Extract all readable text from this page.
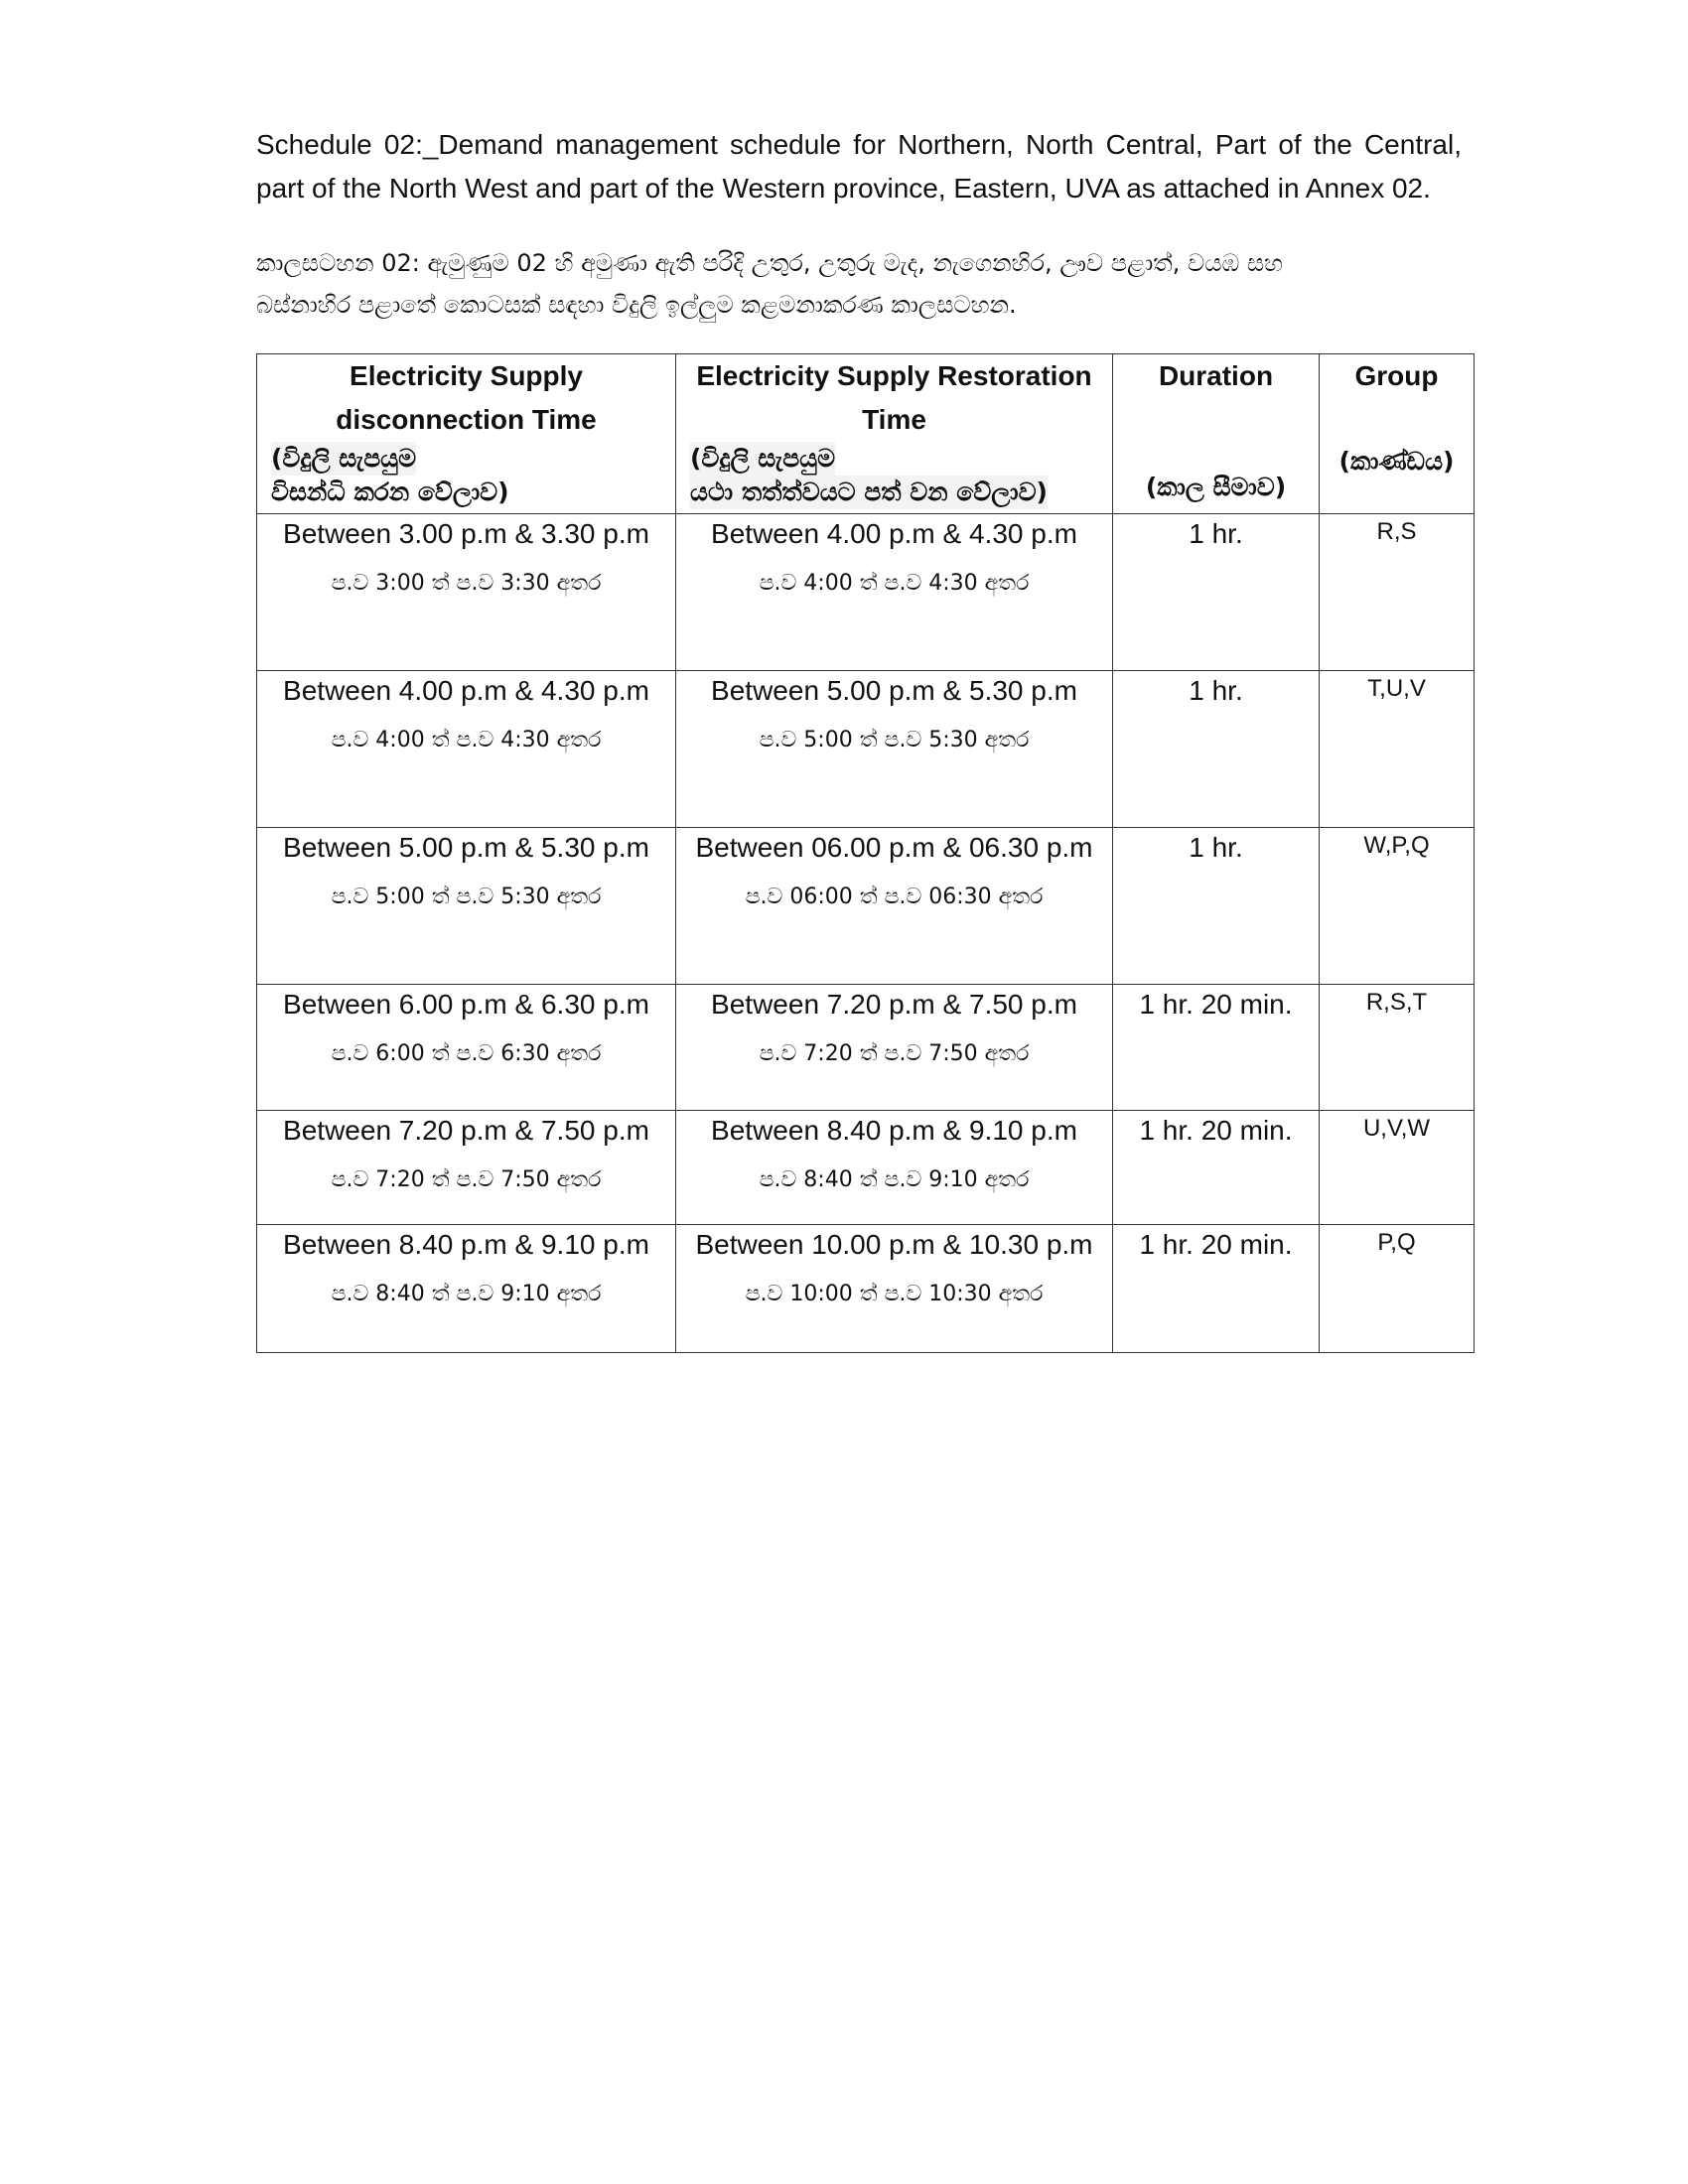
Schedule 02:_Demand management schedule for Northern, North Central, Part of the Central,
part of the North West and part of the Western province, Eastern, UVA as attached in Annex 02.
කාලසටහන 02: ඇමුණුම 02 හි අමුණා ඇති පරිදි උතුර, උතුරු මැද, නැගෙනහිර, ඌව පළාත්, වයඹ සහ
බස්නාහිර පළාතේ කොටසක් සඳහා විදුලි ඉල්ලුම කළමනාකරණ කාලසටහන.
Electricity Supply
disconnection Time
(විදුලි සැපයුම
විසන්ධි කරන වේලාව)	Electricity Supply Restoration
Time
(විදුලි සැපයුම
යථා තත්ත්වයට පත් වන වේලාව)	Duration
(කාල සීමාව)	Group
(කාණ්ඩය)

Between 3.00 p.m & 3.30 p.m
ප.ව 3:00 ත් ප.ව 3:30 අතර	Between 4.00 p.m & 4.30 p.m
ප.ව 4:00 ත් ප.ව 4:30 අතර	1 hr.	R,S

Between 4.00 p.m & 4.30 p.m
ප.ව 4:00 ත් ප.ව 4:30 අතර	Between 5.00 p.m & 5.30 p.m
ප.ව 5:00 ත් ප.ව 5:30 අතර	1 hr.	T,U,V

Between 5.00 p.m & 5.30 p.m
ප.ව 5:00 ත් ප.ව 5:30 අතර	Between 06.00 p.m & 06.30 p.m
ප.ව 06:00 ත් ප.ව 06:30 අතර	1 hr.	W,P,Q

Between 6.00 p.m & 6.30 p.m
ප.ව 6:00 ත් ප.ව 6:30 අතර	Between 7.20 p.m & 7.50 p.m
ප.ව 7:20 ත් ප.ව 7:50 අතර	1 hr. 20 min.	R,S,T

Between 7.20 p.m & 7.50 p.m
ප.ව 7:20 ත් ප.ව 7:50 අතර	Between 8.40 p.m & 9.10 p.m
ප.ව 8:40 ත් ප.ව 9:10 අතර	1 hr. 20 min.	U,V,W

Between 8.40 p.m & 9.10 p.m
ප.ව 8:40 ත් ප.ව 9:10 අතර	Between 10.00 p.m & 10.30 p.m
ප.ව 10:00 ත් ප.ව 10:30 අතර	1 hr. 20 min.	P,Q
